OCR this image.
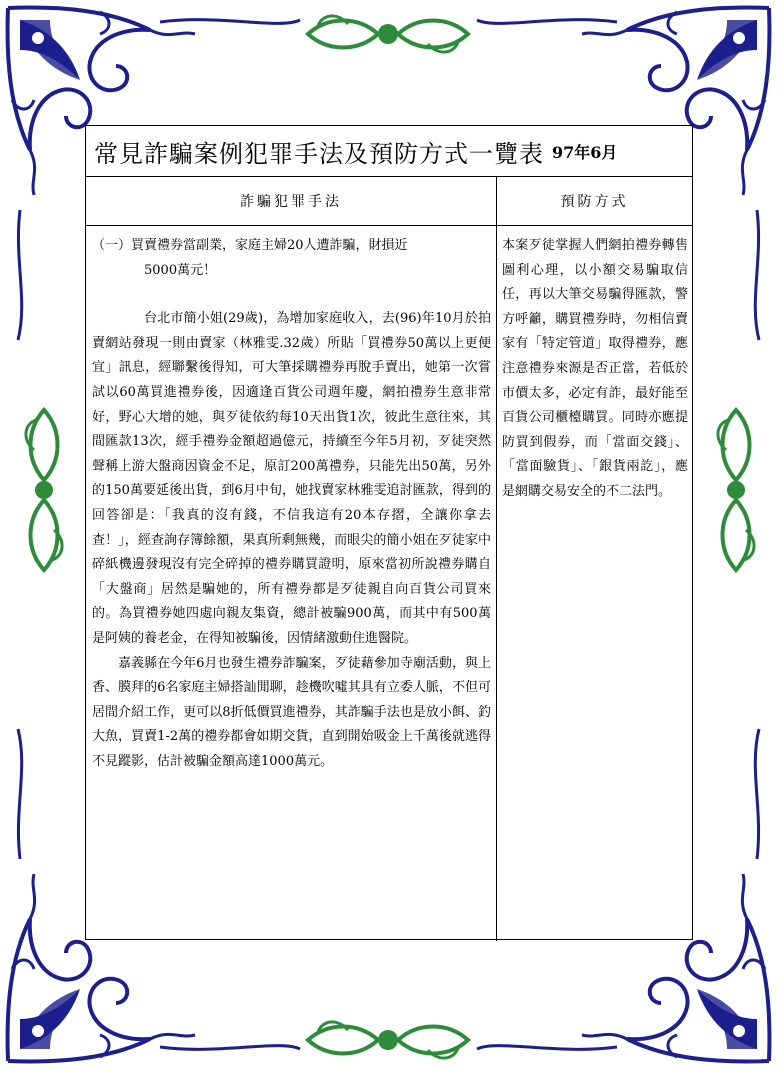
常見詐騙案例犯罪手法及預防方式一覽表 97年6月
詐騙犯罪手法	預防方式
（一）買賣禮券當副業，家庭主婦20人遭詐騙，財損近
5000萬元！

台北市簡小姐(29歲)，為增加家庭收入，去(96)年10月於拍賣網站發現一則由賣家（林雅雯.32歲）所貼「買禮券50萬以上更便宜」訊息，經聯繫後得知，可大筆採購禮券再脫手賣出，她第一次嘗試以60萬買進禮券後，因適逢百貨公司週年慶，網拍禮券生意非常好，野心大增的她，與歹徒依約每10天出貨1次，彼此生意往來，其間匯款13次，經手禮券金額超過億元，持續至今年5月初，歹徒突然聲稱上游大盤商因資金不足，原訂200萬禮券，只能先出50萬，另外的150萬要延後出貨，到6月中旬，她找賣家林雅雯追討匯款，得到的回答卻是：「我真的沒有錢，不信我這有20本存摺，全讓你拿去查！」，經查詢存簿餘額，果真所剩無幾，而眼尖的簡小姐在歹徒家中碎紙機邊發現沒有完全碎掉的禮券購買證明，原來當初所說禮券購自「大盤商」居然是騙她的，所有禮券都是歹徒親自向百貨公司買來的。為買禮券她四處向親友集資，總計被騙900萬，而其中有500萬是阿姨的養老金，在得知被騙後，因情緒激動住進醫院。

嘉義縣在今年6月也發生禮券詐騙案，歹徒藉參加寺廟活動，與上香、膜拜的6名家庭主婦搭訕閒聊，趁機吹噓其具有立委人脈，不但可居間介紹工作，更可以8折低價買進禮券，其詐騙手法也是放小餌、釣大魚，買賣1-2萬的禮券都會如期交貨，直到開始吸金上千萬後就逃得不見蹤影，估計被騙金額高達1000萬元。

本案歹徒掌握人們網拍禮券轉售圖利心理，以小額交易騙取信任，再以大筆交易騙得匯款，警方呼籲，購買禮券時，勿相信賣家有「特定管道」取得禮券，應注意禮券來源是否正當，若低於市價太多，必定有詐，最好能至百貨公司櫃檯購買。同時亦應提防買到假券，而「當面交錢」、「當面驗貨」、「銀貨兩訖」，應是網購交易安全的不二法門。
